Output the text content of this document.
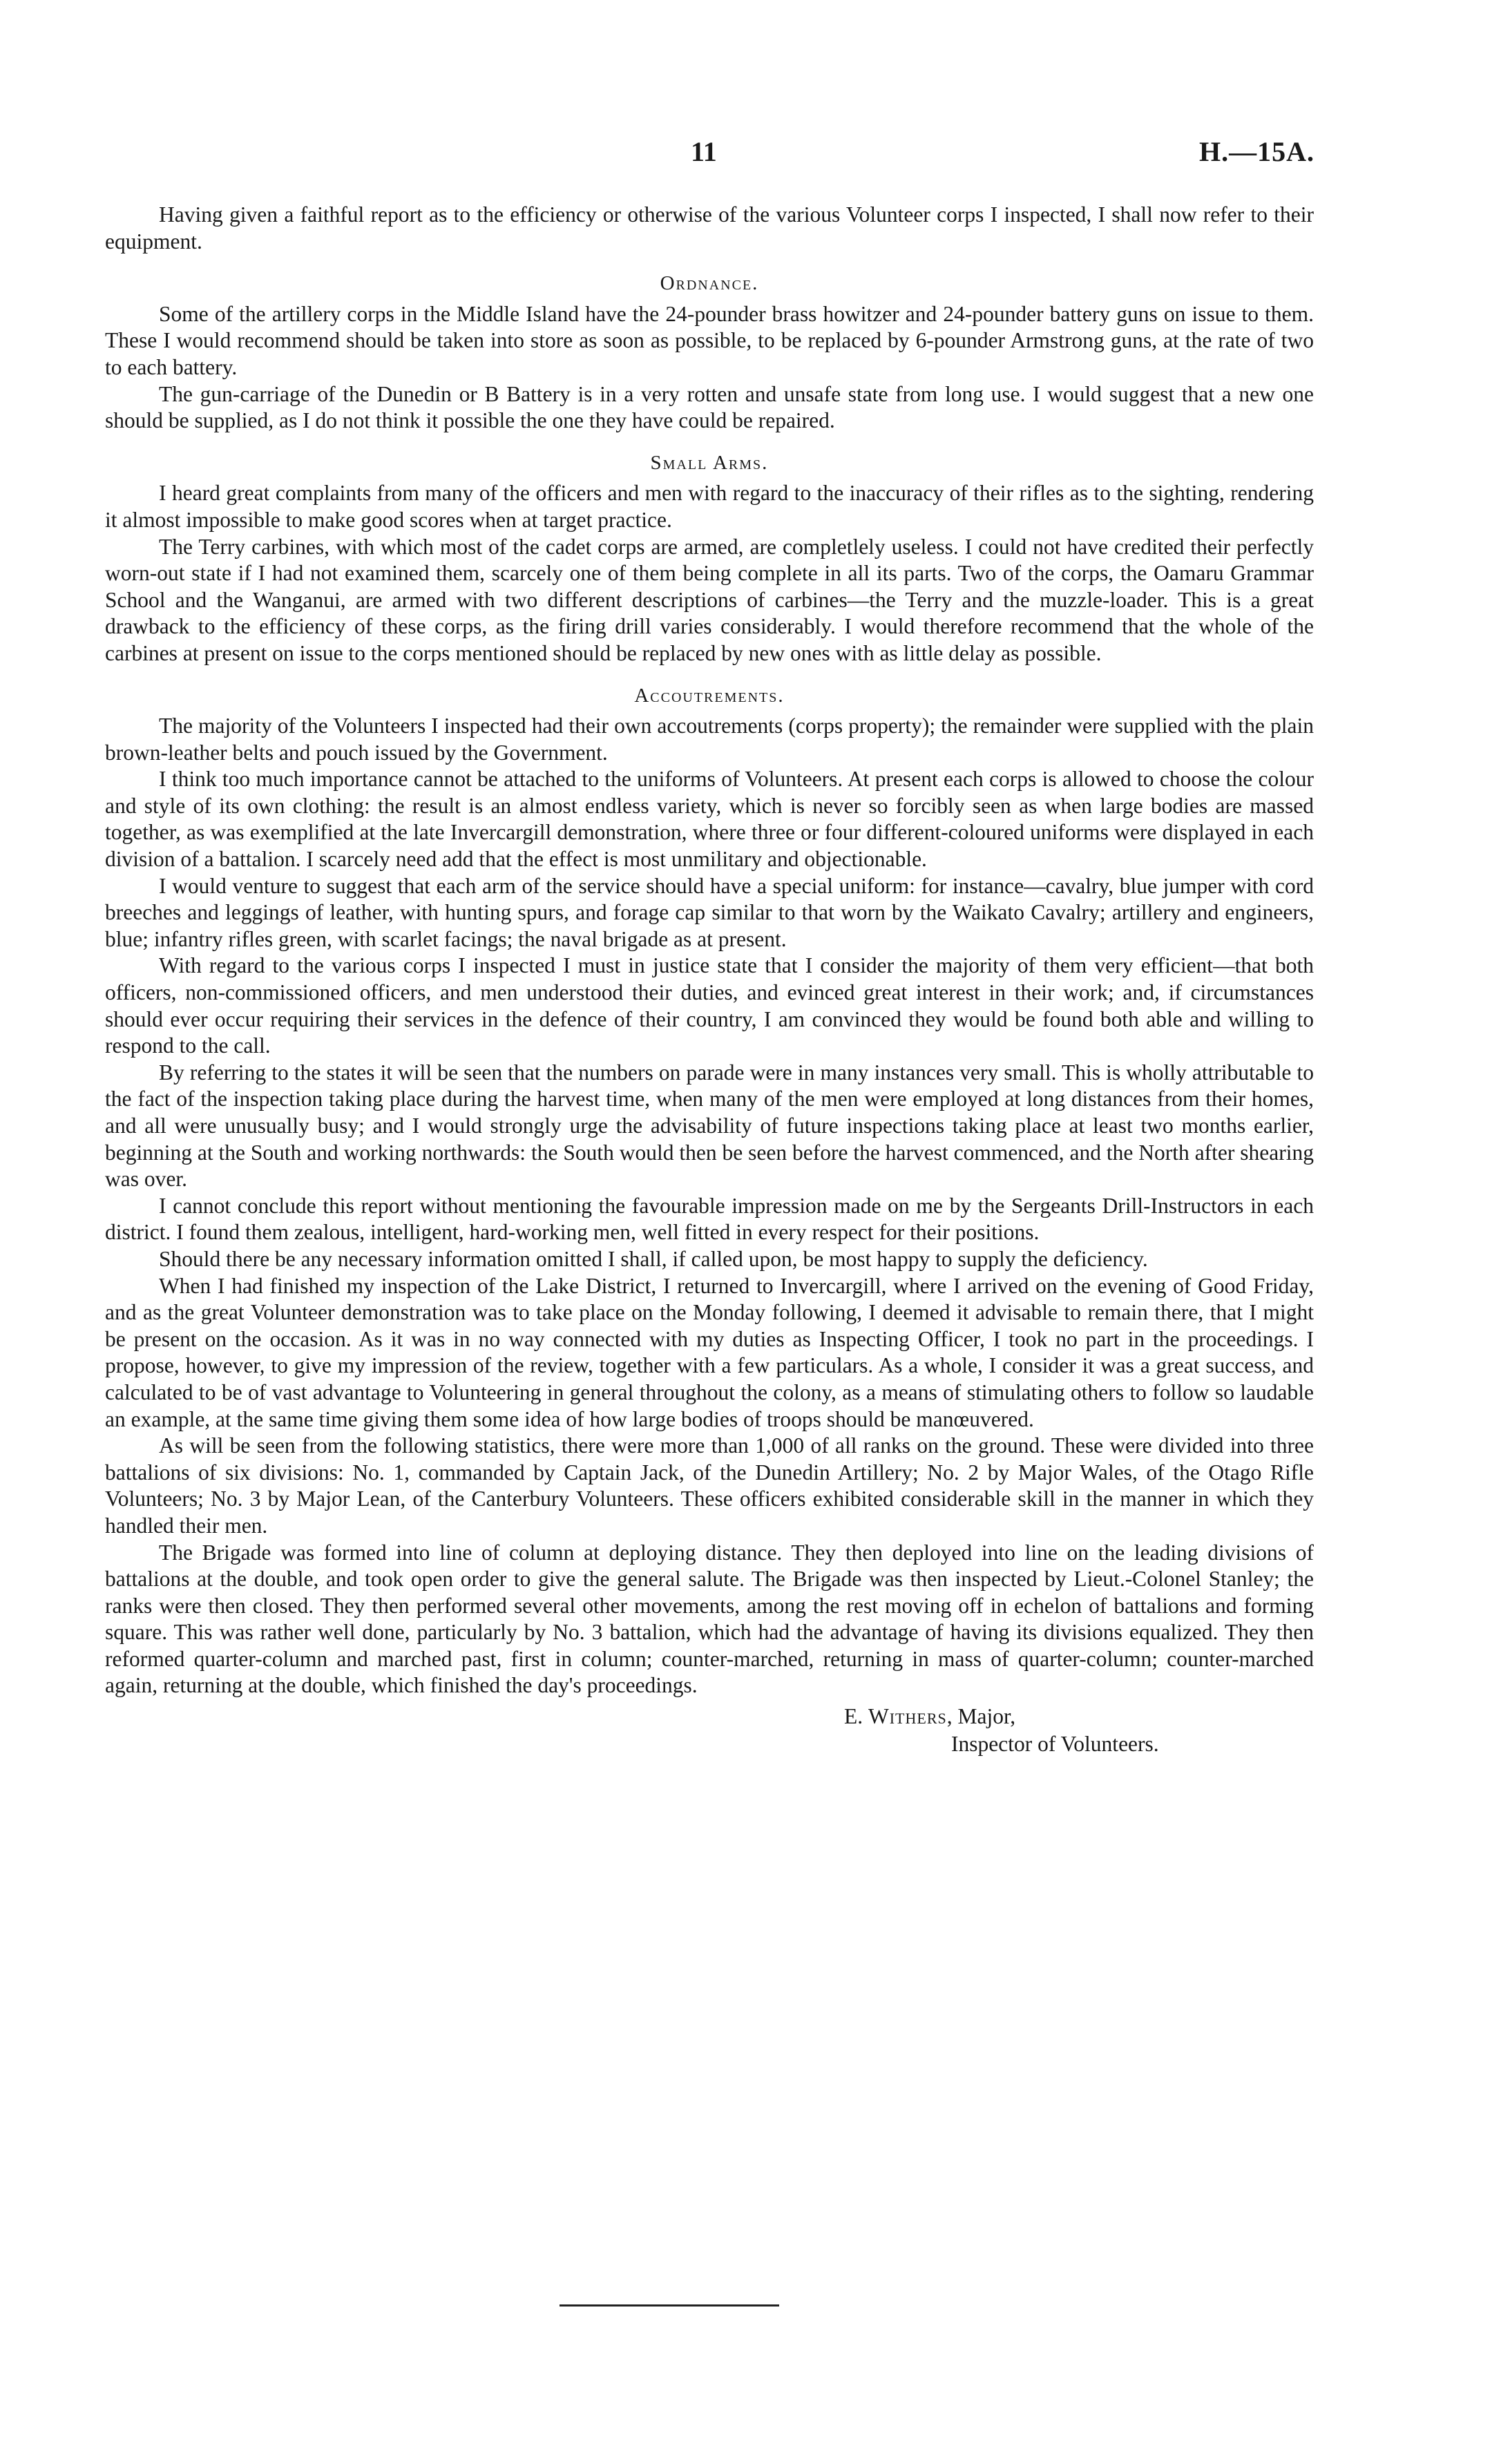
11	H.—15A.

Having given a faithful report as to the efficiency or otherwise of the various Volunteer corps I inspected, I shall now refer to their equipment.

Ordnance.

Some of the artillery corps in the Middle Island have the 24-pounder brass howitzer and 24-pounder battery guns on issue to them. These I would recommend should be taken into store as soon as possible, to be replaced by 6-pounder Armstrong guns, at the rate of two to each battery.

The gun-carriage of the Dunedin or B Battery is in a very rotten and unsafe state from long use. I would suggest that a new one should be supplied, as I do not think it possible the one they have could be repaired.

Small Arms.

I heard great complaints from many of the officers and men with regard to the inaccuracy of their rifles as to the sighting, rendering it almost impossible to make good scores when at target practice.

The Terry carbines, with which most of the cadet corps are armed, are completlely useless. I could not have credited their perfectly worn-out state if I had not examined them, scarcely one of them being complete in all its parts. Two of the corps, the Oamaru Grammar School and the Wanganui, are armed with two different descriptions of carbines—the Terry and the muzzle-loader. This is a great drawback to the efficiency of these corps, as the firing drill varies considerably. I would therefore recommend that the whole of the carbines at present on issue to the corps mentioned should be replaced by new ones with as little delay as possible.

Accoutrements.

The majority of the Volunteers I inspected had their own accoutrements (corps property); the remainder were supplied with the plain brown-leather belts and pouch issued by the Government.

I think too much importance cannot be attached to the uniforms of Volunteers. At present each corps is allowed to choose the colour and style of its own clothing: the result is an almost endless variety, which is never so forcibly seen as when large bodies are massed together, as was exemplified at the late Invercargill demonstration, where three or four different-coloured uniforms were displayed in each division of a battalion. I scarcely need add that the effect is most unmilitary and objectionable.

I would venture to suggest that each arm of the service should have a special uniform: for instance—cavalry, blue jumper with cord breeches and leggings of leather, with hunting spurs, and forage cap similar to that worn by the Waikato Cavalry; artillery and engineers, blue; infantry rifles green, with scarlet facings; the naval brigade as at present.

With regard to the various corps I inspected I must in justice state that I consider the majority of them very efficient—that both officers, non-commissioned officers, and men understood their duties, and evinced great interest in their work; and, if circumstances should ever occur requiring their services in the defence of their country, I am convinced they would be found both able and willing to respond to the call.

By referring to the states it will be seen that the numbers on parade were in many instances very small. This is wholly attributable to the fact of the inspection taking place during the harvest time, when many of the men were employed at long distances from their homes, and all were unusually busy; and I would strongly urge the advisability of future inspections taking place at least two months earlier, beginning at the South and working northwards: the South would then be seen before the harvest commenced, and the North after shearing was over.

I cannot conclude this report without mentioning the favourable impression made on me by the Sergeants Drill-Instructors in each district. I found them zealous, intelligent, hard-working men, well fitted in every respect for their positions.

Should there be any necessary information omitted I shall, if called upon, be most happy to supply the deficiency.

When I had finished my inspection of the Lake District, I returned to Invercargill, where I arrived on the evening of Good Friday, and as the great Volunteer demonstration was to take place on the Monday following, I deemed it advisable to remain there, that I might be present on the occasion. As it was in no way connected with my duties as Inspecting Officer, I took no part in the proceedings. I propose, however, to give my impression of the review, together with a few particulars. As a whole, I consider it was a great success, and calculated to be of vast advantage to Volunteering in general throughout the colony, as a means of stimulating others to follow so laudable an example, at the same time giving them some idea of how large bodies of troops should be manœuvered.

As will be seen from the following statistics, there were more than 1,000 of all ranks on the ground. These were divided into three battalions of six divisions: No. 1, commanded by Captain Jack, of the Dunedin Artillery; No. 2 by Major Wales, of the Otago Rifle Volunteers; No. 3 by Major Lean, of the Canterbury Volunteers. These officers exhibited considerable skill in the manner in which they handled their men.

The Brigade was formed into line of column at deploying distance. They then deployed into line on the leading divisions of battalions at the double, and took open order to give the general salute. The Brigade was then inspected by Lieut.-Colonel Stanley; the ranks were then closed. They then performed several other movements, among the rest moving off in echelon of battalions and forming square. This was rather well done, particularly by No. 3 battalion, which had the advantage of having its divisions equalized. They then reformed quarter-column and marched past, first in column; counter-marched, returning in mass of quarter-column; counter-marched again, returning at the double, which finished the day's proceedings.

E. Withers, Major,
Inspector of Volunteers.
